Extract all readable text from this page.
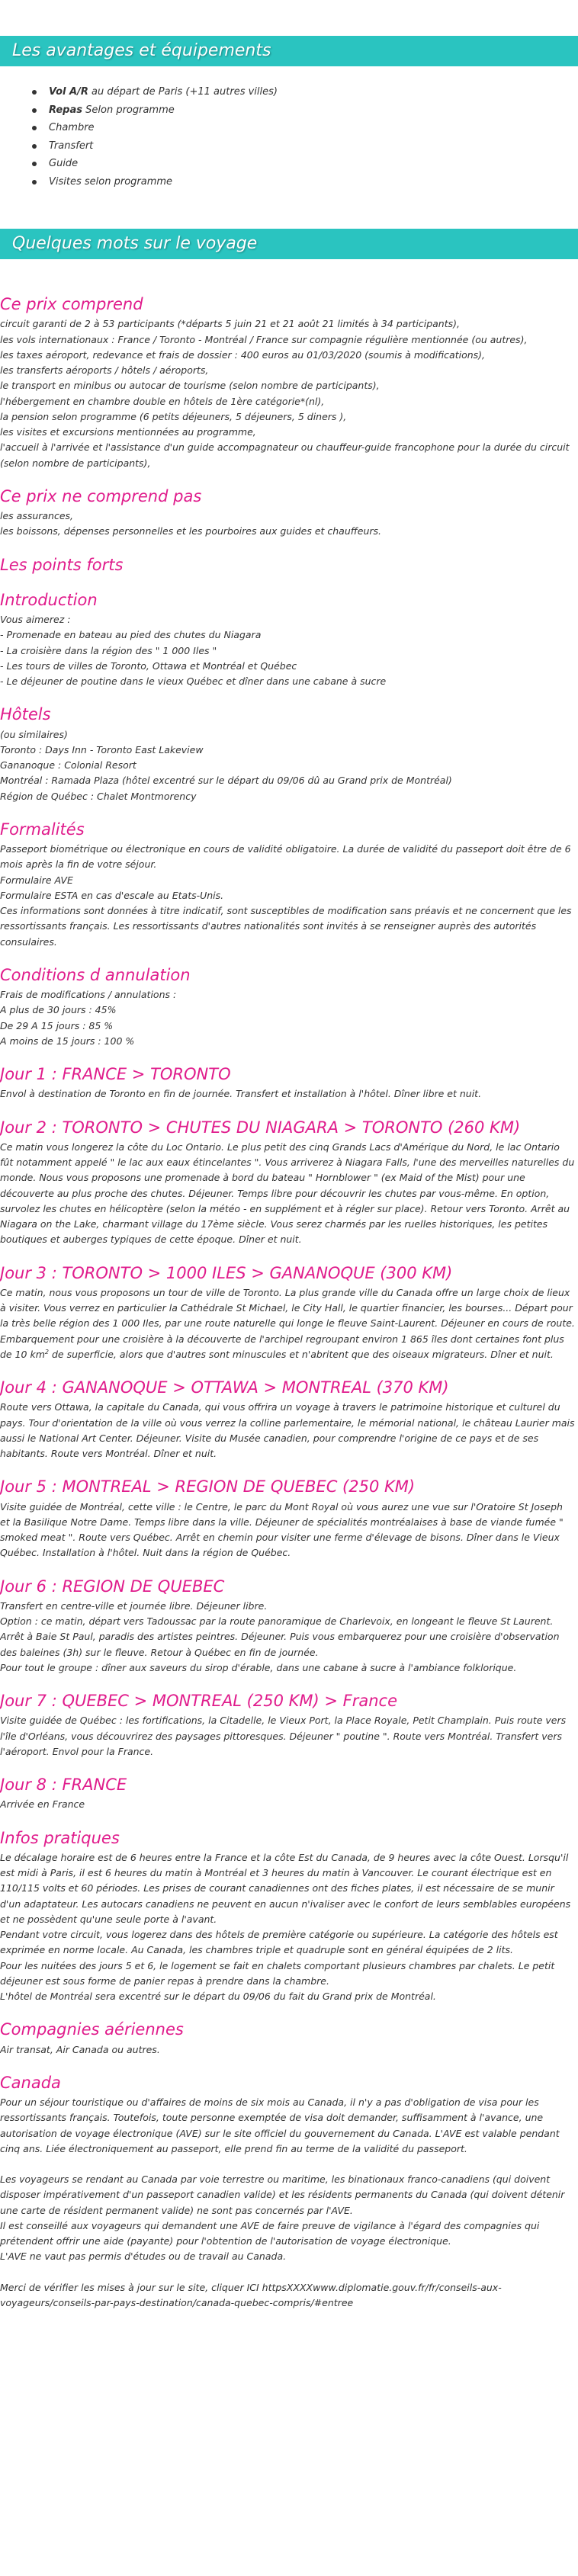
Les avantages et équipements
Vol A/R au départ de Paris (+11 autres villes)
Repas Selon programme
Chambre
Transfert
Guide
Visites selon programme
Quelques mots sur le voyage
Ce prix comprend

circuit garanti de 2 à 53 participants (*départs 5 juin 21 et 21 août 21 limités à 34 participants),
les vols internationaux : France / Toronto - Montréal / France sur compagnie régulière mentionnée (ou autres),
les taxes aéroport, redevance et frais de dossier : 400 euros au 01/03/2020 (soumis à modifications),
les transferts aéroports / hôtels / aéroports,
le transport en minibus ou autocar de tourisme (selon nombre de participants),
l'hébergement en chambre double en hôtels de 1ère catégorie*(nl),
la pension selon programme (6 petits déjeuners, 5 déjeuners, 5 diners ),
les visites et excursions mentionnées au programme,
l'accueil à l'arrivée et l'assistance d'un guide accompagnateur ou chauffeur-guide francophone pour la durée du circuit (selon nombre de participants),

Ce prix ne comprend pas

les assurances,
les boissons, dépenses personnelles et les pourboires aux guides et chauffeurs.

Les points forts
Introduction

Vous aimerez :
- Promenade en bateau au pied des chutes du Niagara
- La croisière dans la région des " 1 000 Iles "
- Les tours de villes de Toronto, Ottawa et Montréal et Québec
- Le déjeuner de poutine dans le vieux Québec et dîner dans une cabane à sucre

Hôtels

(ou similaires)
Toronto : Days Inn - Toronto East Lakeview
Gananoque : Colonial Resort
Montréal : Ramada Plaza (hôtel excentré sur le départ du 09/06 dû au Grand prix de Montréal)
Région de Québec : Chalet Montmorency

Formalités

Passeport biométrique ou électronique en cours de validité obligatoire. La durée de validité du passeport doit être de 6 mois après la fin de votre séjour.
Formulaire AVE
Formulaire ESTA en cas d'escale au Etats-Unis.
Ces informations sont données à titre indicatif, sont susceptibles de modification sans préavis et ne concernent que les ressortissants français. Les ressortissants d'autres nationalités sont invités à se renseigner auprès des autorités consulaires.

Conditions d annulation

Frais de modifications / annulations :
A plus de 30 jours : 45%
De 29 A 15 jours : 85 %
A moins de 15 jours : 100 %

Jour 1 : FRANCE > TORONTO

Envol à destination de Toronto en fin de journée. Transfert et installation à l'hôtel. Dîner libre et nuit.

Jour 2 : TORONTO > CHUTES DU NIAGARA > TORONTO (260 KM)

Ce matin vous longerez la côte du Loc Ontario. Le plus petit des cinq Grands Lacs d'Amérique du Nord, le lac Ontario fût notamment appelé " le lac aux eaux étincelantes ". Vous arriverez à Niagara Falls, l'une des merveilles naturelles du monde. Nous vous proposons une promenade à bord du bateau " Hornblower " (ex Maid of the Mist) pour une découverte au plus proche des chutes. Déjeuner. Temps libre pour découvrir les chutes par vous-même. En option, survolez les chutes en hélicoptère (selon la météo - en supplément et à régler sur place). Retour vers Toronto. Arrêt au Niagara on the Lake, charmant village du 17ème siècle. Vous serez charmés par les ruelles historiques, les petites boutiques et auberges typiques de cette époque. Dîner et nuit.

Jour 3 : TORONTO > 1000 ILES > GANANOQUE (300 KM)

Ce matin, nous vous proposons un tour de ville de Toronto. La plus grande ville du Canada offre un large choix de lieux à visiter. Vous verrez en particulier la Cathédrale St Michael, le City Hall, le quartier financier, les bourses... Départ pour la très belle région des 1 000 Iles, par une route naturelle qui longe le fleuve Saint-Laurent. Déjeuner en cours de route. Embarquement pour une croisière à la découverte de l'archipel regroupant environ 1 865 îles dont certaines font plus de 10 $km^2$ de superficie, alors que d'autres sont minuscules et n'abritent que des oiseaux migrateurs. Dîner et nuit.

Jour 4 : GANANOQUE > OTTAWA > MONTREAL (370 KM)

Route vers Ottawa, la capitale du Canada, qui vous offrira un voyage à travers le patrimoine historique et culturel du pays. Tour d'orientation de la ville où vous verrez la colline parlementaire, le mémorial national, le château Laurier mais aussi le National Art Center. Déjeuner. Visite du Musée canadien, pour comprendre l'origine de ce pays et de ses habitants. Route vers Montréal. Dîner et nuit.

Jour 5 : MONTREAL > REGION DE QUEBEC (250 KM)

Visite guidée de Montréal, cette ville : le Centre, le parc du Mont Royal où vous aurez une vue sur l'Oratoire St Joseph et la Basilique Notre Dame. Temps libre dans la ville. Déjeuner de spécialités montréalaises à base de viande fumée " smoked meat ". Route vers Québec. Arrêt en chemin pour visiter une ferme d'élevage de bisons. Dîner dans le Vieux Québec. Installation à l'hôtel. Nuit dans la région de Québec.

Jour 6 : REGION DE QUEBEC

Transfert en centre-ville et journée libre. Déjeuner libre.
Option : ce matin, départ vers Tadoussac par la route panoramique de Charlevoix, en longeant le fleuve St Laurent. Arrêt à Baie St Paul, paradis des artistes peintres. Déjeuner. Puis vous embarquerez pour une croisière d'observation des baleines (3h) sur le fleuve. Retour à Québec en fin de journée.
Pour tout le groupe : dîner aux saveurs du sirop d'érable, dans une cabane à sucre à l'ambiance folklorique.

Jour 7 : QUEBEC > MONTREAL (250 KM) > France

Visite guidée de Québec : les fortifications, la Citadelle, le Vieux Port, la Place Royale, Petit Champlain. Puis route vers l'île d'Orléans, vous découvrirez des paysages pittoresques. Déjeuner " poutine ". Route vers Montréal. Transfert vers l'aéroport. Envol pour la France.

Jour 8 : FRANCE

Arrivée en France

Infos pratiques

Le décalage horaire est de 6 heures entre la France et la côte Est du Canada, de 9 heures avec la côte Ouest. Lorsqu'il est midi à Paris, il est 6 heures du matin à Montréal et 3 heures du matin à Vancouver. Le courant électrique est en 110/115 volts et 60 périodes. Les prises de courant canadiennes ont des fiches plates, il est nécessaire de se munir d'un adaptateur. Les autocars canadiens ne peuvent en aucun n'ivaliser avec le confort de leurs semblables européens et ne possèdent qu'une seule porte à l'avant.
Pendant votre circuit, vous logerez dans des hôtels de première catégorie ou supérieure. La catégorie des hôtels est exprimée en norme locale. Au Canada, les chambres triple et quadruple sont en général équipées de 2 lits.
Pour les nuitées des jours 5 et 6, le logement se fait en chalets comportant plusieurs chambres par chalets. Le petit déjeuner est sous forme de panier repas à prendre dans la chambre.
L'hôtel de Montréal sera excentré sur le départ du 09/06 du fait du Grand prix de Montréal.

Compagnies aériennes

Air transat, Air Canada ou autres.

Canada

Pour un séjour touristique ou d'affaires de moins de six mois au Canada, il n'y a pas d'obligation de visa pour les ressortissants français. Toutefois, toute personne exemptée de visa doit demander, suffisamment à l'avance, une autorisation de voyage électronique (AVE) sur le site officiel du gouvernement du Canada. L'AVE est valable pendant cinq ans. Liée électroniquement au passeport, elle prend fin au terme de la validité du passeport.
Les voyageurs se rendant au Canada par voie terrestre ou maritime, les binationaux franco-canadiens (qui doivent disposer impérativement d'un passeport canadien valide) et les résidents permanents du Canada (qui doivent détenir une carte de résident permanent valide) ne sont pas concernés par l'AVE.
Il est conseillé aux voyageurs qui demandent une AVE de faire preuve de vigilance à l'égard des compagnies qui prétendent offrir une aide (payante) pour l'obtention de l'autorisation de voyage électronique.
L'AVE ne vaut pas permis d'études ou de travail au Canada.
Merci de vérifier les mises à jour sur le site, cliquer ICI httpsXXXXwww.diplomatie.gouv.fr/fr/conseils-aux-voyageurs/conseils-par-pays-destination/canada-quebec-compris/#entree
